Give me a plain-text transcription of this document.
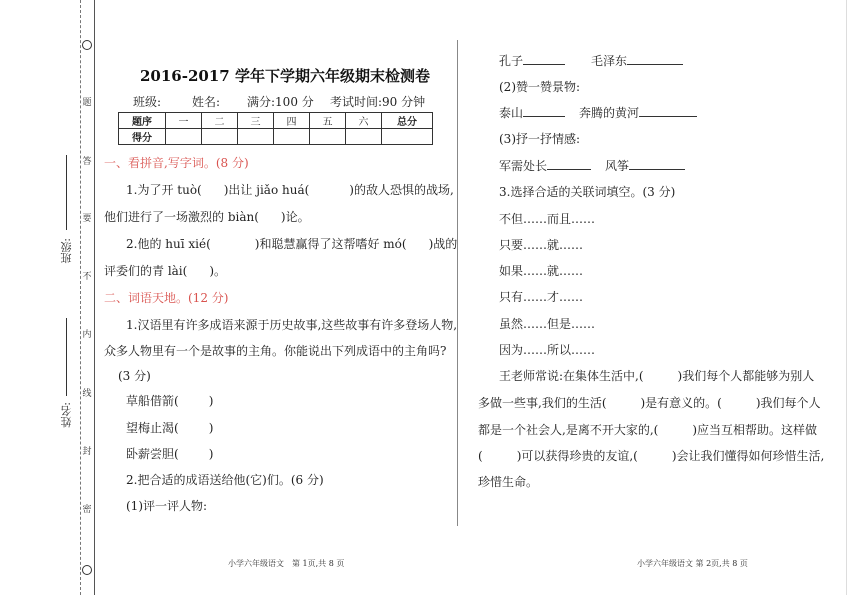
题
答
要
不
内
线
封
密
班级:
姓名:
2016-2017 学年下学期六年级期末检测卷
班级:	姓名: 满分:100 分 考试时间:90 分钟
题序	一	二	三	四	五	六	总分
得分							
一、看拼音,写字词。(8 分)
1.为了开 tuò( )出让 jiǎo huá(	)的敌人恐惧的战场,
他们进行了一场激烈的 biàn( )论。
2.他的 huī xié(	)和聪慧赢得了这帮嗜好 mó( )战的
评委们的青 lài( )。
二、词语天地。(12 分)
1.汉语里有许多成语来源于历史故事,这些故事有许多登场人物,
众多人物里有一个是故事的主角。你能说出下列成语中的主角吗?
(3 分)
草船借箭(	)
望梅止渴(	)
卧薪尝胆(	)
2.把合适的成语送给他(它)们。(6 分)
(1)评一评人物:
小学六年级语文　第 1页,共 8 页
孔子	毛泽东
(2)赞一赞景物:
泰山	奔腾的黄河
(3)抒一抒情感:
军需处长	风筝
3.选择合适的关联词填空。(3 分)
不但……而且……
只要……就……
如果……就……
只有……才……
虽然……但是……
因为……所以……
王老师常说:在集体生活中,(	)我们每个人都能够为别人
多做一些事,我们的生活(	)是有意义的。(	)我们每个人
都是一个社会人,是离不开大家的,(	)应当互相帮助。这样做
(	)可以获得珍贵的友谊,(	)会让我们懂得如何珍惜生活,
珍惜生命。
小学六年级语文 第 2页,共 8 页
